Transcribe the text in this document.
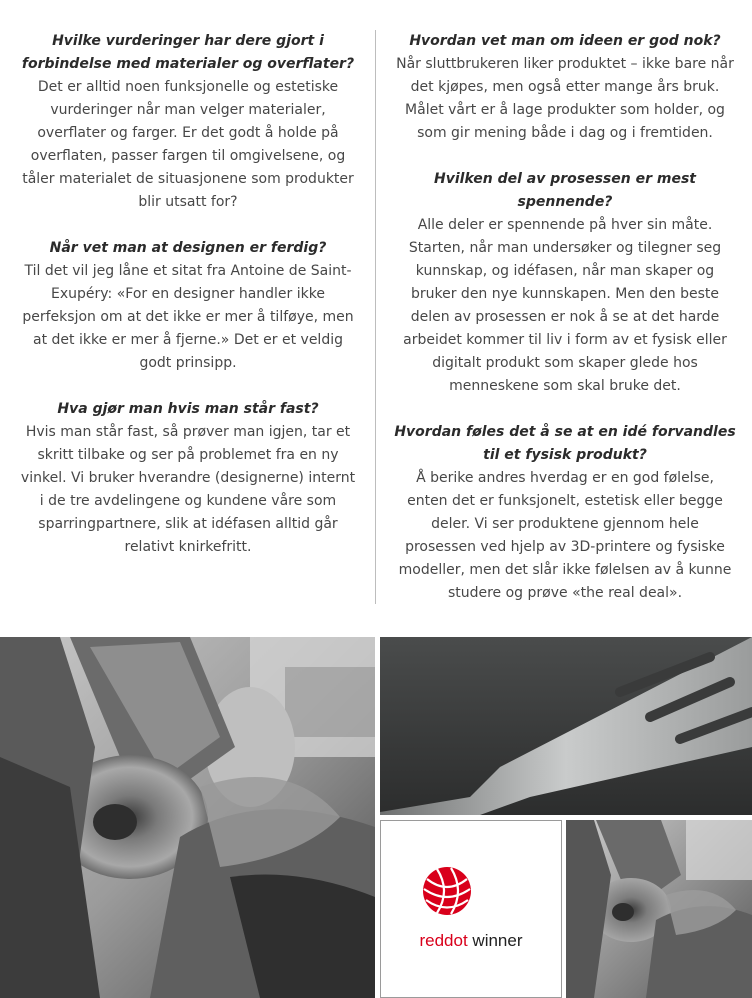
Hvilke vurderinger har dere gjort i forbindelse med materialer og overflater?
Det er alltid noen funksjonelle og estetiske vurderinger når man velger materialer, overflater og farger. Er det godt å holde på overflaten, passer fargen til omgivelsene, og tåler materialet de situasjonene som produkter blir utsatt for?
Når vet man at designen er ferdig?
Til det vil jeg låne et sitat fra Antoine de Saint-Exupéry: «For en designer handler ikke perfeksjon om at det ikke er mer å tilføye, men at det ikke er mer å fjerne.» Det er et veldig godt prinsipp.
Hva gjør man hvis man står fast?
Hvis man står fast, så prøver man igjen, tar et skritt tilbake og ser på problemet fra en ny vinkel. Vi bruker hverandre (designerne) internt i de tre avdelingene og kundene våre som sparringpartnere, slik at idéfasen alltid går relativt knirkefritt.
Hvordan vet man om ideen er god nok?
Når sluttbrukeren liker produktet – ikke bare når det kjøpes, men også etter mange års bruk. Målet vårt er å lage produkter som holder, og som gir mening både i dag og i fremtiden.
Hvilken del av prosessen er mest spennende?
Alle deler er spennende på hver sin måte. Starten, når man undersøker og tilegner seg kunnskap, og idéfasen, når man skaper og bruker den nye kunnskapen. Men den beste delen av prosessen er nok å se at det harde arbeidet kommer til liv i form av et fysisk eller digitalt produkt som skaper glede hos menneskene som skal bruke det.
Hvordan føles det å se at en idé forvandles til et fysisk produkt?
Å berike andres hverdag er en god følelse, enten det er funksjonelt, estetisk eller begge deler. Vi ser produktene gjennom hele prosessen ved hjelp av 3D-printere og fysiske modeller, men det slår ikke følelsen av å kunne studere og prøve «the real deal».
reddot winner
